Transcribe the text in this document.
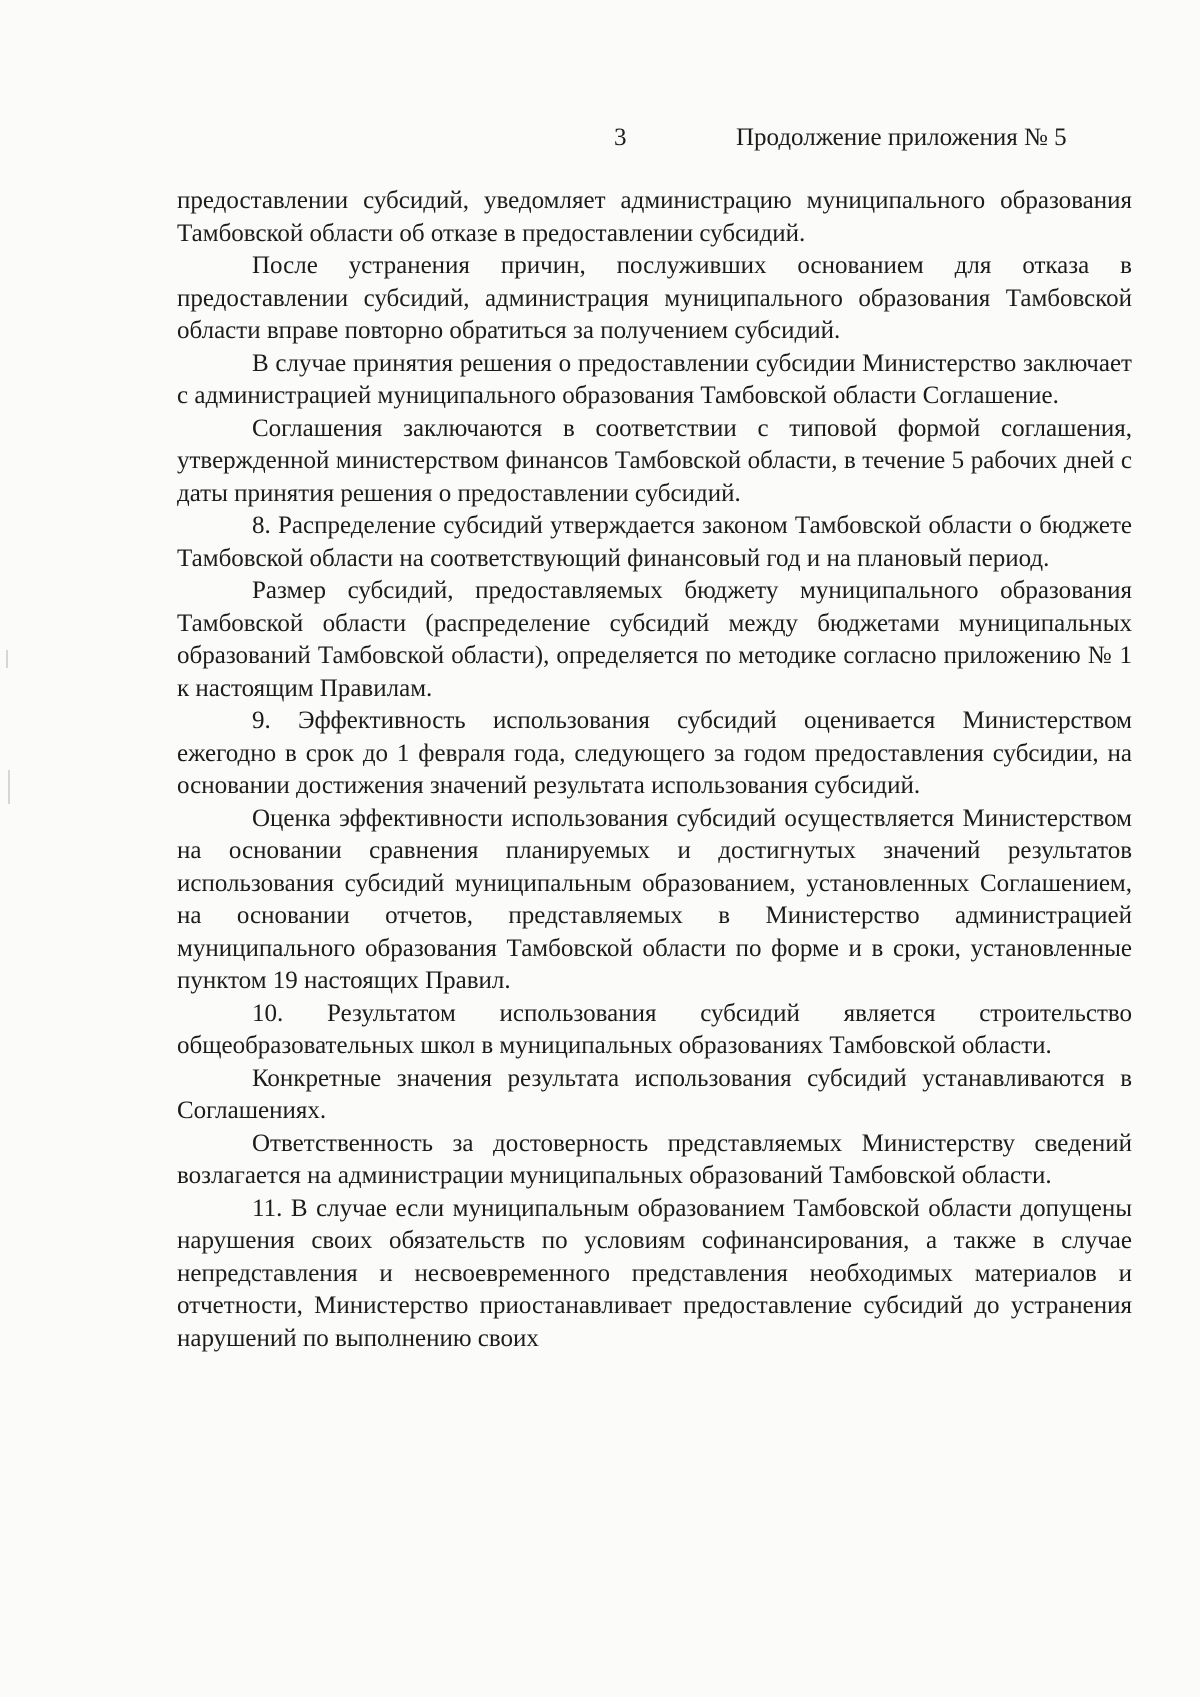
3	Продолжение приложения № 5

предоставлении субсидий, уведомляет администрацию муниципального образования Тамбовской области об отказе в предоставлении субсидий.

После устранения причин, послуживших основанием для отказа в предоставлении субсидий, администрация муниципального образования Тамбовской области вправе повторно обратиться за получением субсидий.

В случае принятия решения о предоставлении субсидии Министерство заключает с администрацией муниципального образования Тамбовской области Соглашение.

Соглашения заключаются в соответствии с типовой формой соглашения, утвержденной министерством финансов Тамбовской области, в течение 5 рабочих дней с даты принятия решения о предоставлении субсидий.

8. Распределение субсидий утверждается законом Тамбовской области о бюджете Тамбовской области на соответствующий финансовый год и на плановый период.

Размер субсидий, предоставляемых бюджету муниципального образования Тамбовской области (распределение субсидий между бюджетами муниципальных образований Тамбовской области), определяется по методике согласно приложению № 1 к настоящим Правилам.

9. Эффективность использования субсидий оценивается Министерством ежегодно в срок до 1 февраля года, следующего за годом предоставления субсидии, на основании достижения значений результата использования субсидий.

Оценка эффективности использования субсидий осуществляется Министерством на основании сравнения планируемых и достигнутых значений результатов использования субсидий муниципальным образованием, установленных Соглашением, на основании отчетов, представляемых в Министерство администрацией муниципального образования Тамбовской области по форме и в сроки, установленные пунктом 19 настоящих Правил.

10. Результатом использования субсидий является строительство общеобразовательных школ в муниципальных образованиях Тамбовской области.

Конкретные значения результата использования субсидий устанавливаются в Соглашениях.

Ответственность за достоверность представляемых Министерству сведений возлагается на администрации муниципальных образований Тамбовской области.

11. В случае если муниципальным образованием Тамбовской области допущены нарушения своих обязательств по условиям софинансирования, а также в случае непредставления и несвоевременного представления необходимых материалов и отчетности, Министерство приостанавливает предоставление субсидий до устранения нарушений по выполнению своих
